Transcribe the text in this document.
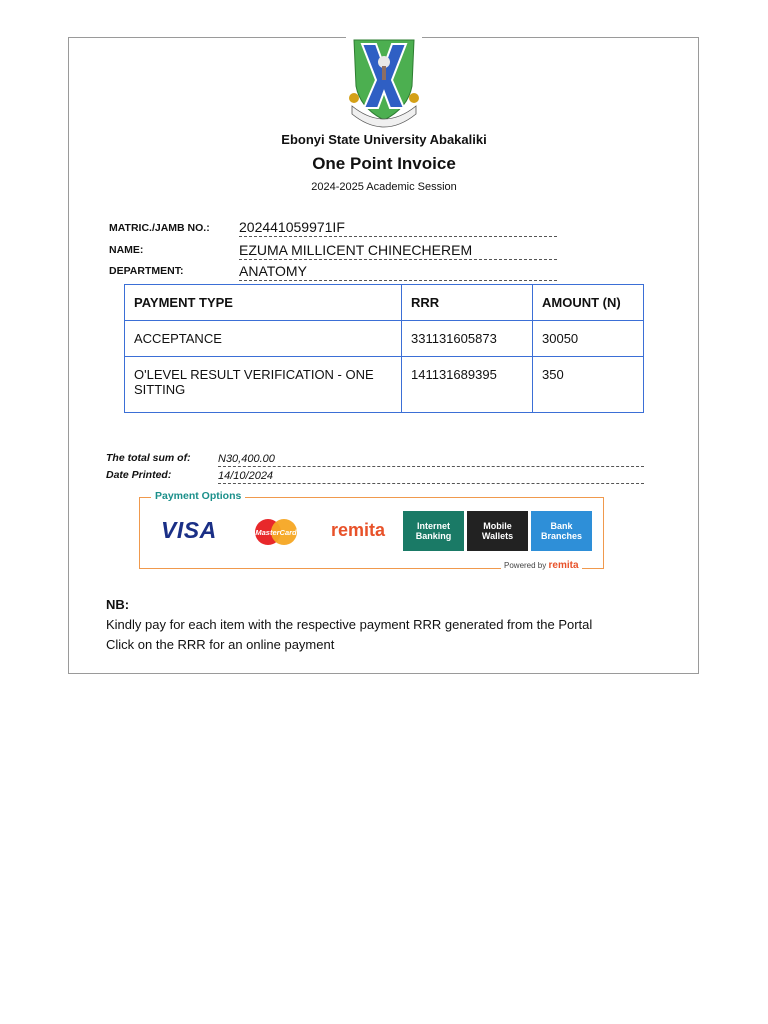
Ebonyi State University Abakaliki
One Point Invoice
2024-2025 Academic Session
MATRIC./JAMB NO.: 202441059971IF
NAME:	EZUMA MILLICENT CHINECHEREM
DEPARTMENT:	ANATOMY
PAYMENT TYPE	RRR	AMOUNT (N)
ACCEPTANCE	331131605873	30050
O'LEVEL RESULT VERIFICATION - ONE SITTING	141131689395	350
The total sum of: N30,400.00
Date Printed:	14/10/2024
Payment Options
VISA	MasterCard remita	Internet Banking
Mobile Wallets
Bank Branches
Powered by remita
NB:
Kindly pay for each item with the respective payment RRR generated from the Portal
Click on the RRR for an online payment
